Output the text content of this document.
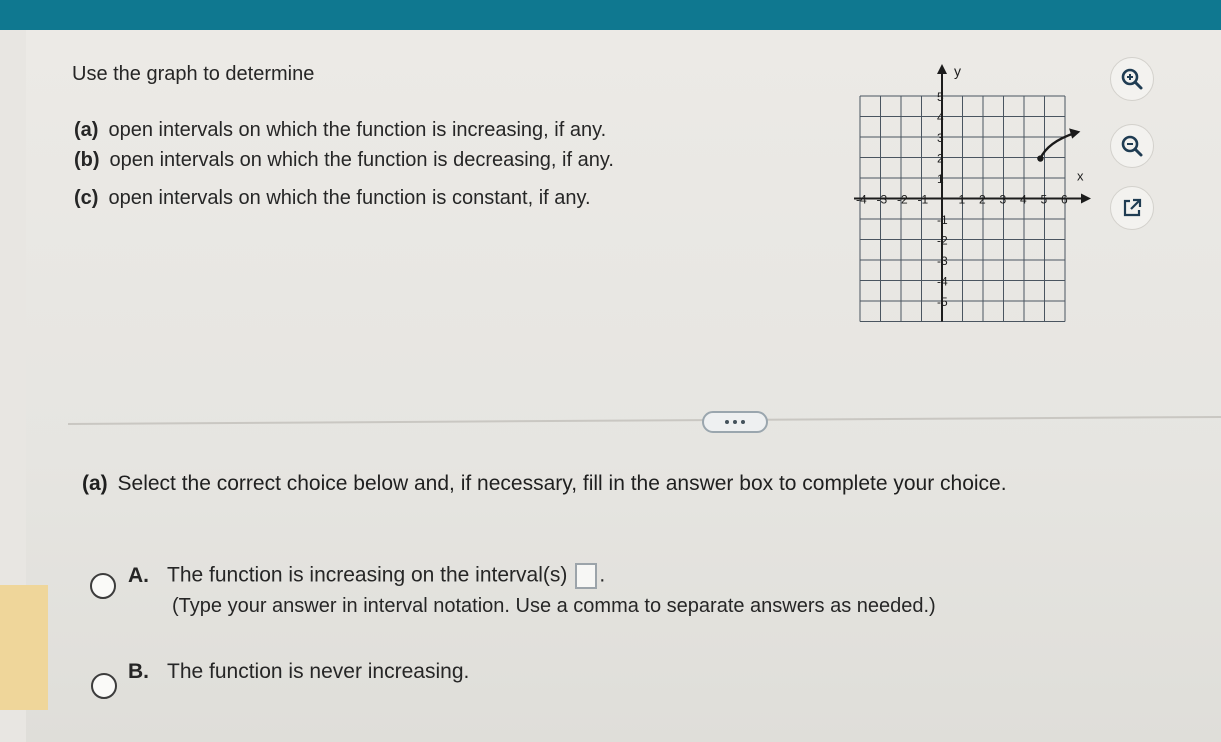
Use the graph to determine
(a) open intervals on which the function is increasing, if any.
(b) open intervals on which the function is decreasing, if any.
(c) open intervals on which the function is constant, if any.
x
y
-4 -3 -2 -1	1 2 3 4 5 6
5
4
3
2
1
-1
-2
-3
-4
-5
(a) Select the correct choice below and, if necessary, fill in the answer box to complete your choice.
A. The function is increasing on the interval(s) .
(Type your answer in interval notation. Use a comma to separate answers as needed.)
B. The function is never increasing.
